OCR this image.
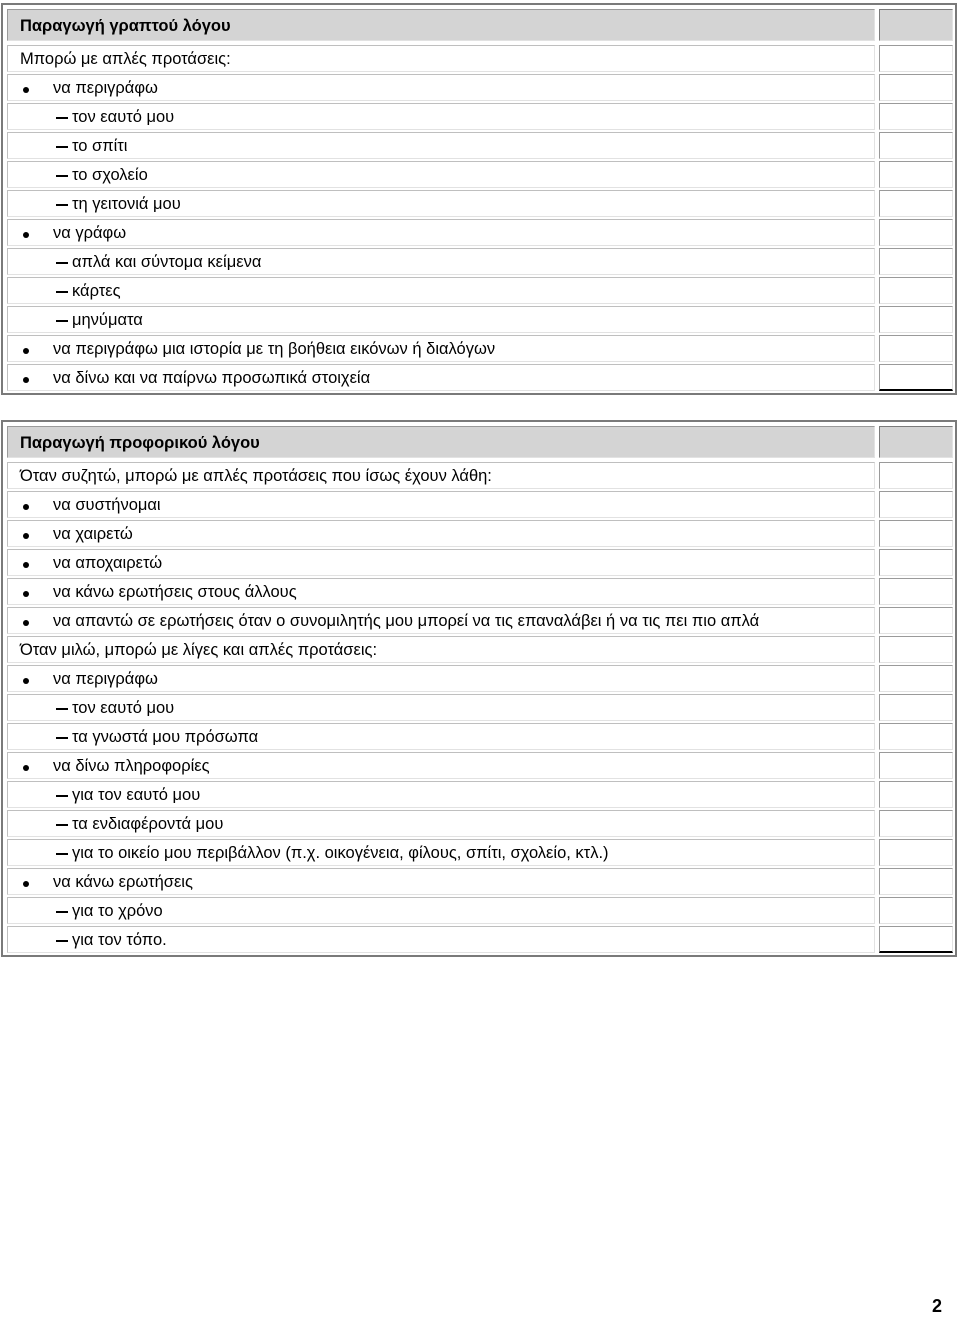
Παραγωγή γραπτού λόγου
Μπορώ με απλές προτάσεις:
να περιγράφω
τον εαυτό μου
το σπίτι
το σχολείο
τη γειτονιά μου
να γράφω
απλά και σύντομα κείμενα
κάρτες
μηνύματα
να περιγράφω μια ιστορία με τη βοήθεια εικόνων ή διαλόγων
να δίνω και να παίρνω προσωπικά στοιχεία
Παραγωγή προφορικού λόγου
Όταν συζητώ, μπορώ με απλές προτάσεις που ίσως έχουν λάθη:
να συστήνομαι
να χαιρετώ
να αποχαιρετώ
να κάνω ερωτήσεις στους άλλους
να απαντώ σε ερωτήσεις όταν ο συνομιλητής μου μπορεί να τις επαναλάβει ή να τις πει πιο απλά
Όταν μιλώ, μπορώ με λίγες και απλές προτάσεις:
να περιγράφω
τον εαυτό μου
τα γνωστά μου πρόσωπα
να δίνω πληροφορίες
για τον εαυτό μου
τα ενδιαφέροντά μου
για το οικείο μου περιβάλλον (π.χ. οικογένεια, φίλους, σπίτι, σχολείο, κτλ.)
να κάνω ερωτήσεις
για το χρόνο
για τον τόπο.
2
